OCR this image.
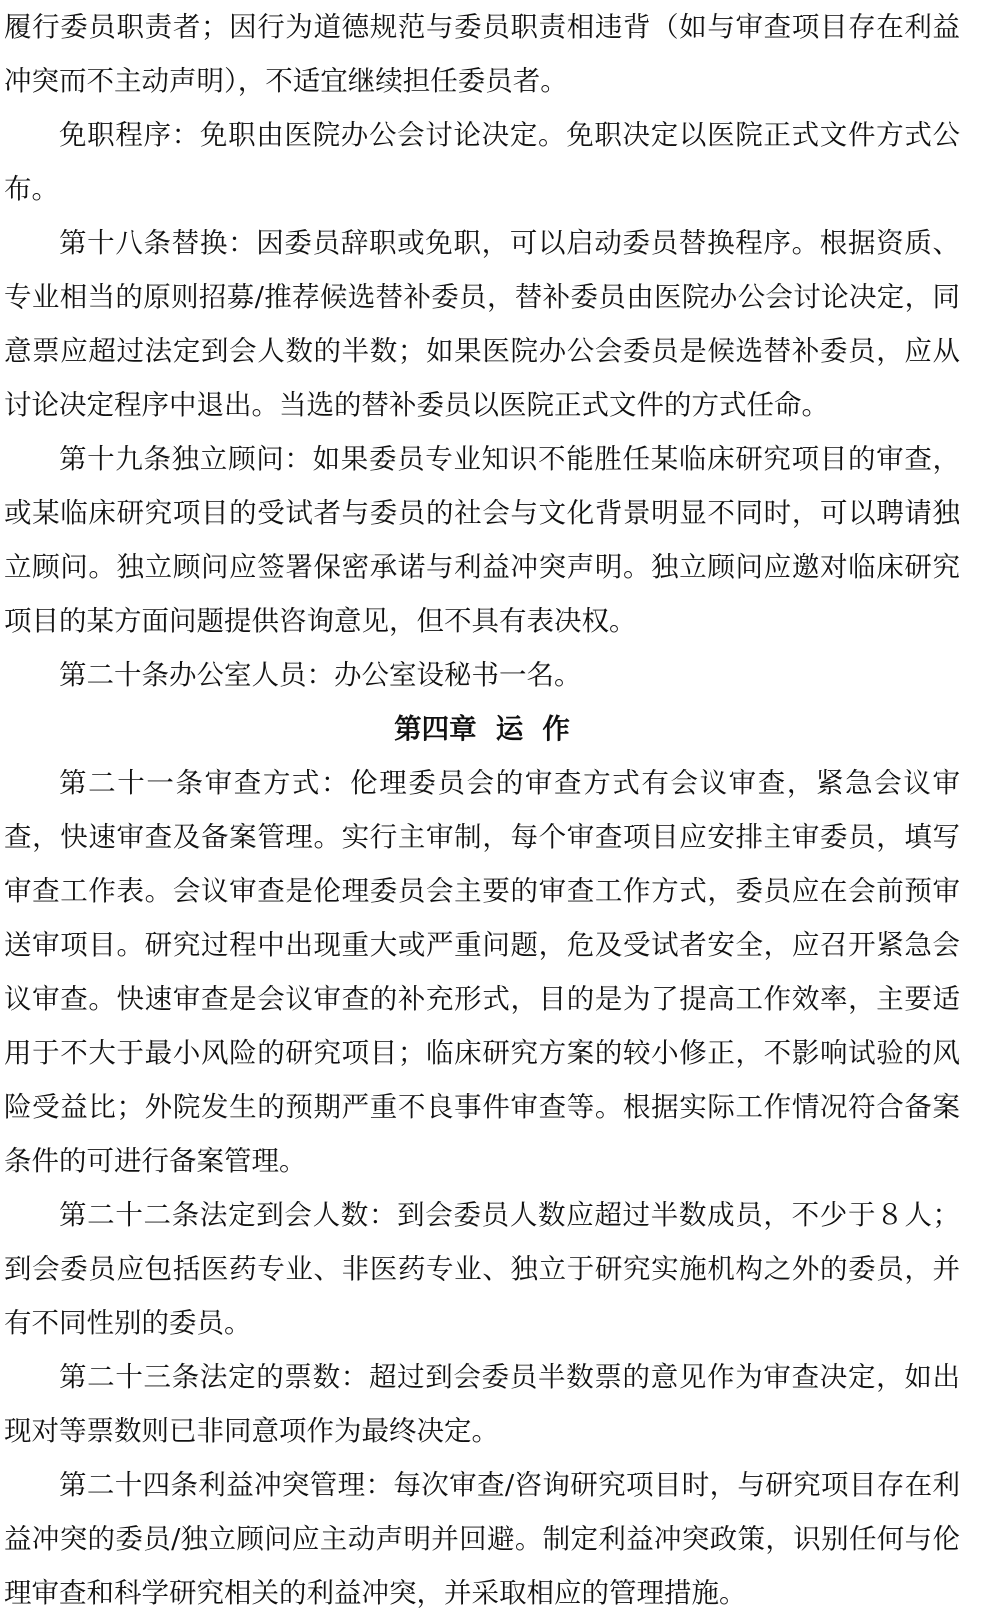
履行委员职责者；因行为道德规范与委员职责相违背（如与审查项目存在利益冲突而不主动声明），不适宜继续担任委员者。

免职程序：免职由医院办公会讨论决定。免职决定以医院正式文件方式公布。

第十八条替换：因委员辞职或免职，可以启动委员替换程序。根据资质、专业相当的原则招募/推荐候选替补委员，替补委员由医院办公会讨论决定，同意票应超过法定到会人数的半数；如果医院办公会委员是候选替补委员，应从讨论决定程序中退出。当选的替补委员以医院正式文件的方式任命。

第十九条独立顾问：如果委员专业知识不能胜任某临床研究项目的审查，或某临床研究项目的受试者与委员的社会与文化背景明显不同时，可以聘请独立顾问。独立顾问应签署保密承诺与利益冲突声明。独立顾问应邀对临床研究项目的某方面问题提供咨询意见，但不具有表决权。

第二十条办公室人员：办公室设秘书一名。

第四章  运  作

第二十一条审查方式：伦理委员会的审查方式有会议审查，紧急会议审查，快速审查及备案管理。实行主审制，每个审查项目应安排主审委员，填写审查工作表。会议审查是伦理委员会主要的审查工作方式，委员应在会前预审送审项目。研究过程中出现重大或严重问题，危及受试者安全，应召开紧急会议审查。快速审查是会议审查的补充形式，目的是为了提高工作效率，主要适用于不大于最小风险的研究项目；临床研究方案的较小修正，不影响试验的风险受益比；外院发生的预期严重不良事件审查等。根据实际工作情况符合备案条件的可进行备案管理。

第二十二条法定到会人数：到会委员人数应超过半数成员，不少于８人；到会委员应包括医药专业、非医药专业、独立于研究实施机构之外的委员，并有不同性别的委员。

第二十三条法定的票数：超过到会委员半数票的意见作为审查决定，如出现对等票数则已非同意项作为最终决定。

第二十四条利益冲突管理：每次审查/咨询研究项目时，与研究项目存在利益冲突的委员/独立顾问应主动声明并回避。制定利益冲突政策，识别任何与伦理审查和科学研究相关的利益冲突，并采取相应的管理措施。
